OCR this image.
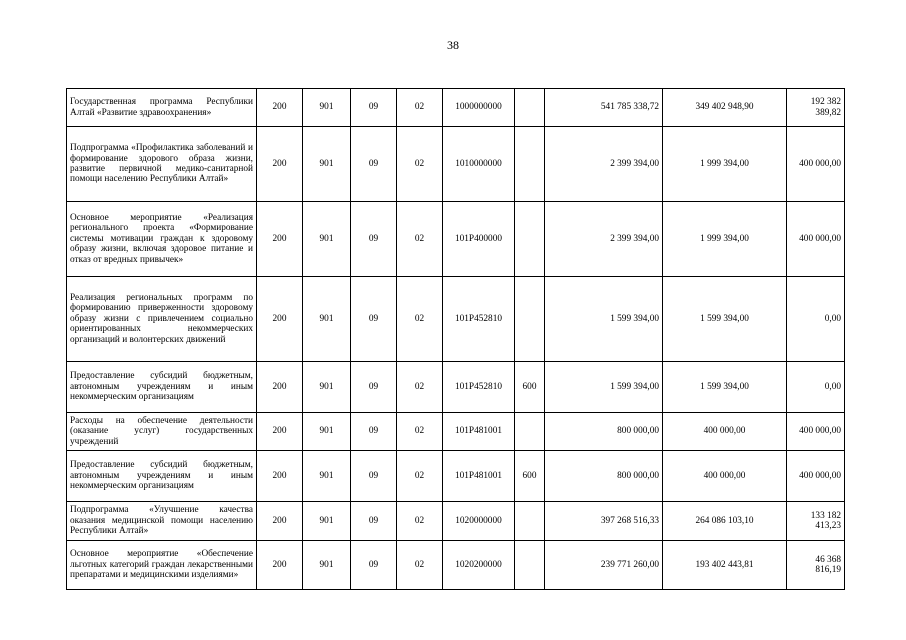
38
Государственная программа Республики Алтай «Развитие здравоохранения»	200	901	09	02	1000000000		541 785 338,72	349 402 948,90	192 382 389,82
Подпрограмма «Профилактика заболеваний и формирование здорового образа жизни, развитие первичной медико-санитарной помощи населению Республики Алтай»	200	901	09	02	1010000000		2 399 394,00	1 999 394,00	400 000,00
Основное мероприятие «Реализация регионального проекта «Формирование системы мотивации граждан к здоровому образу жизни, включая здоровое питание и отказ от вредных привычек»	200	901	09	02	101P400000		2 399 394,00	1 999 394,00	400 000,00
Реализация региональных программ по формированию приверженности здоровому образу жизни с привлечением социально ориентированных некоммерческих организаций и волонтерских движений	200	901	09	02	101P452810		1 599 394,00	1 599 394,00	0,00
Предоставление субсидий бюджетным, автономным учреждениям и иным некоммерческим организациям	200	901	09	02	101P452810	600	1 599 394,00	1 599 394,00	0,00
Расходы на обеспечение деятельности (оказание услуг) государственных учреждений	200	901	09	02	101P481001		800 000,00	400 000,00	400 000,00
Предоставление субсидий бюджетным, автономным учреждениям и иным некоммерческим организациям	200	901	09	02	101P481001	600	800 000,00	400 000,00	400 000,00
Подпрограмма «Улучшение качества оказания медицинской помощи населению Республики Алтай»	200	901	09	02	1020000000		397 268 516,33	264 086 103,10	133 182 413,23
Основное мероприятие «Обеспечение льготных категорий граждан лекарственными препаратами и медицинскими изделиями»	200	901	09	02	1020200000		239 771 260,00	193 402 443,81	46 368 816,19
